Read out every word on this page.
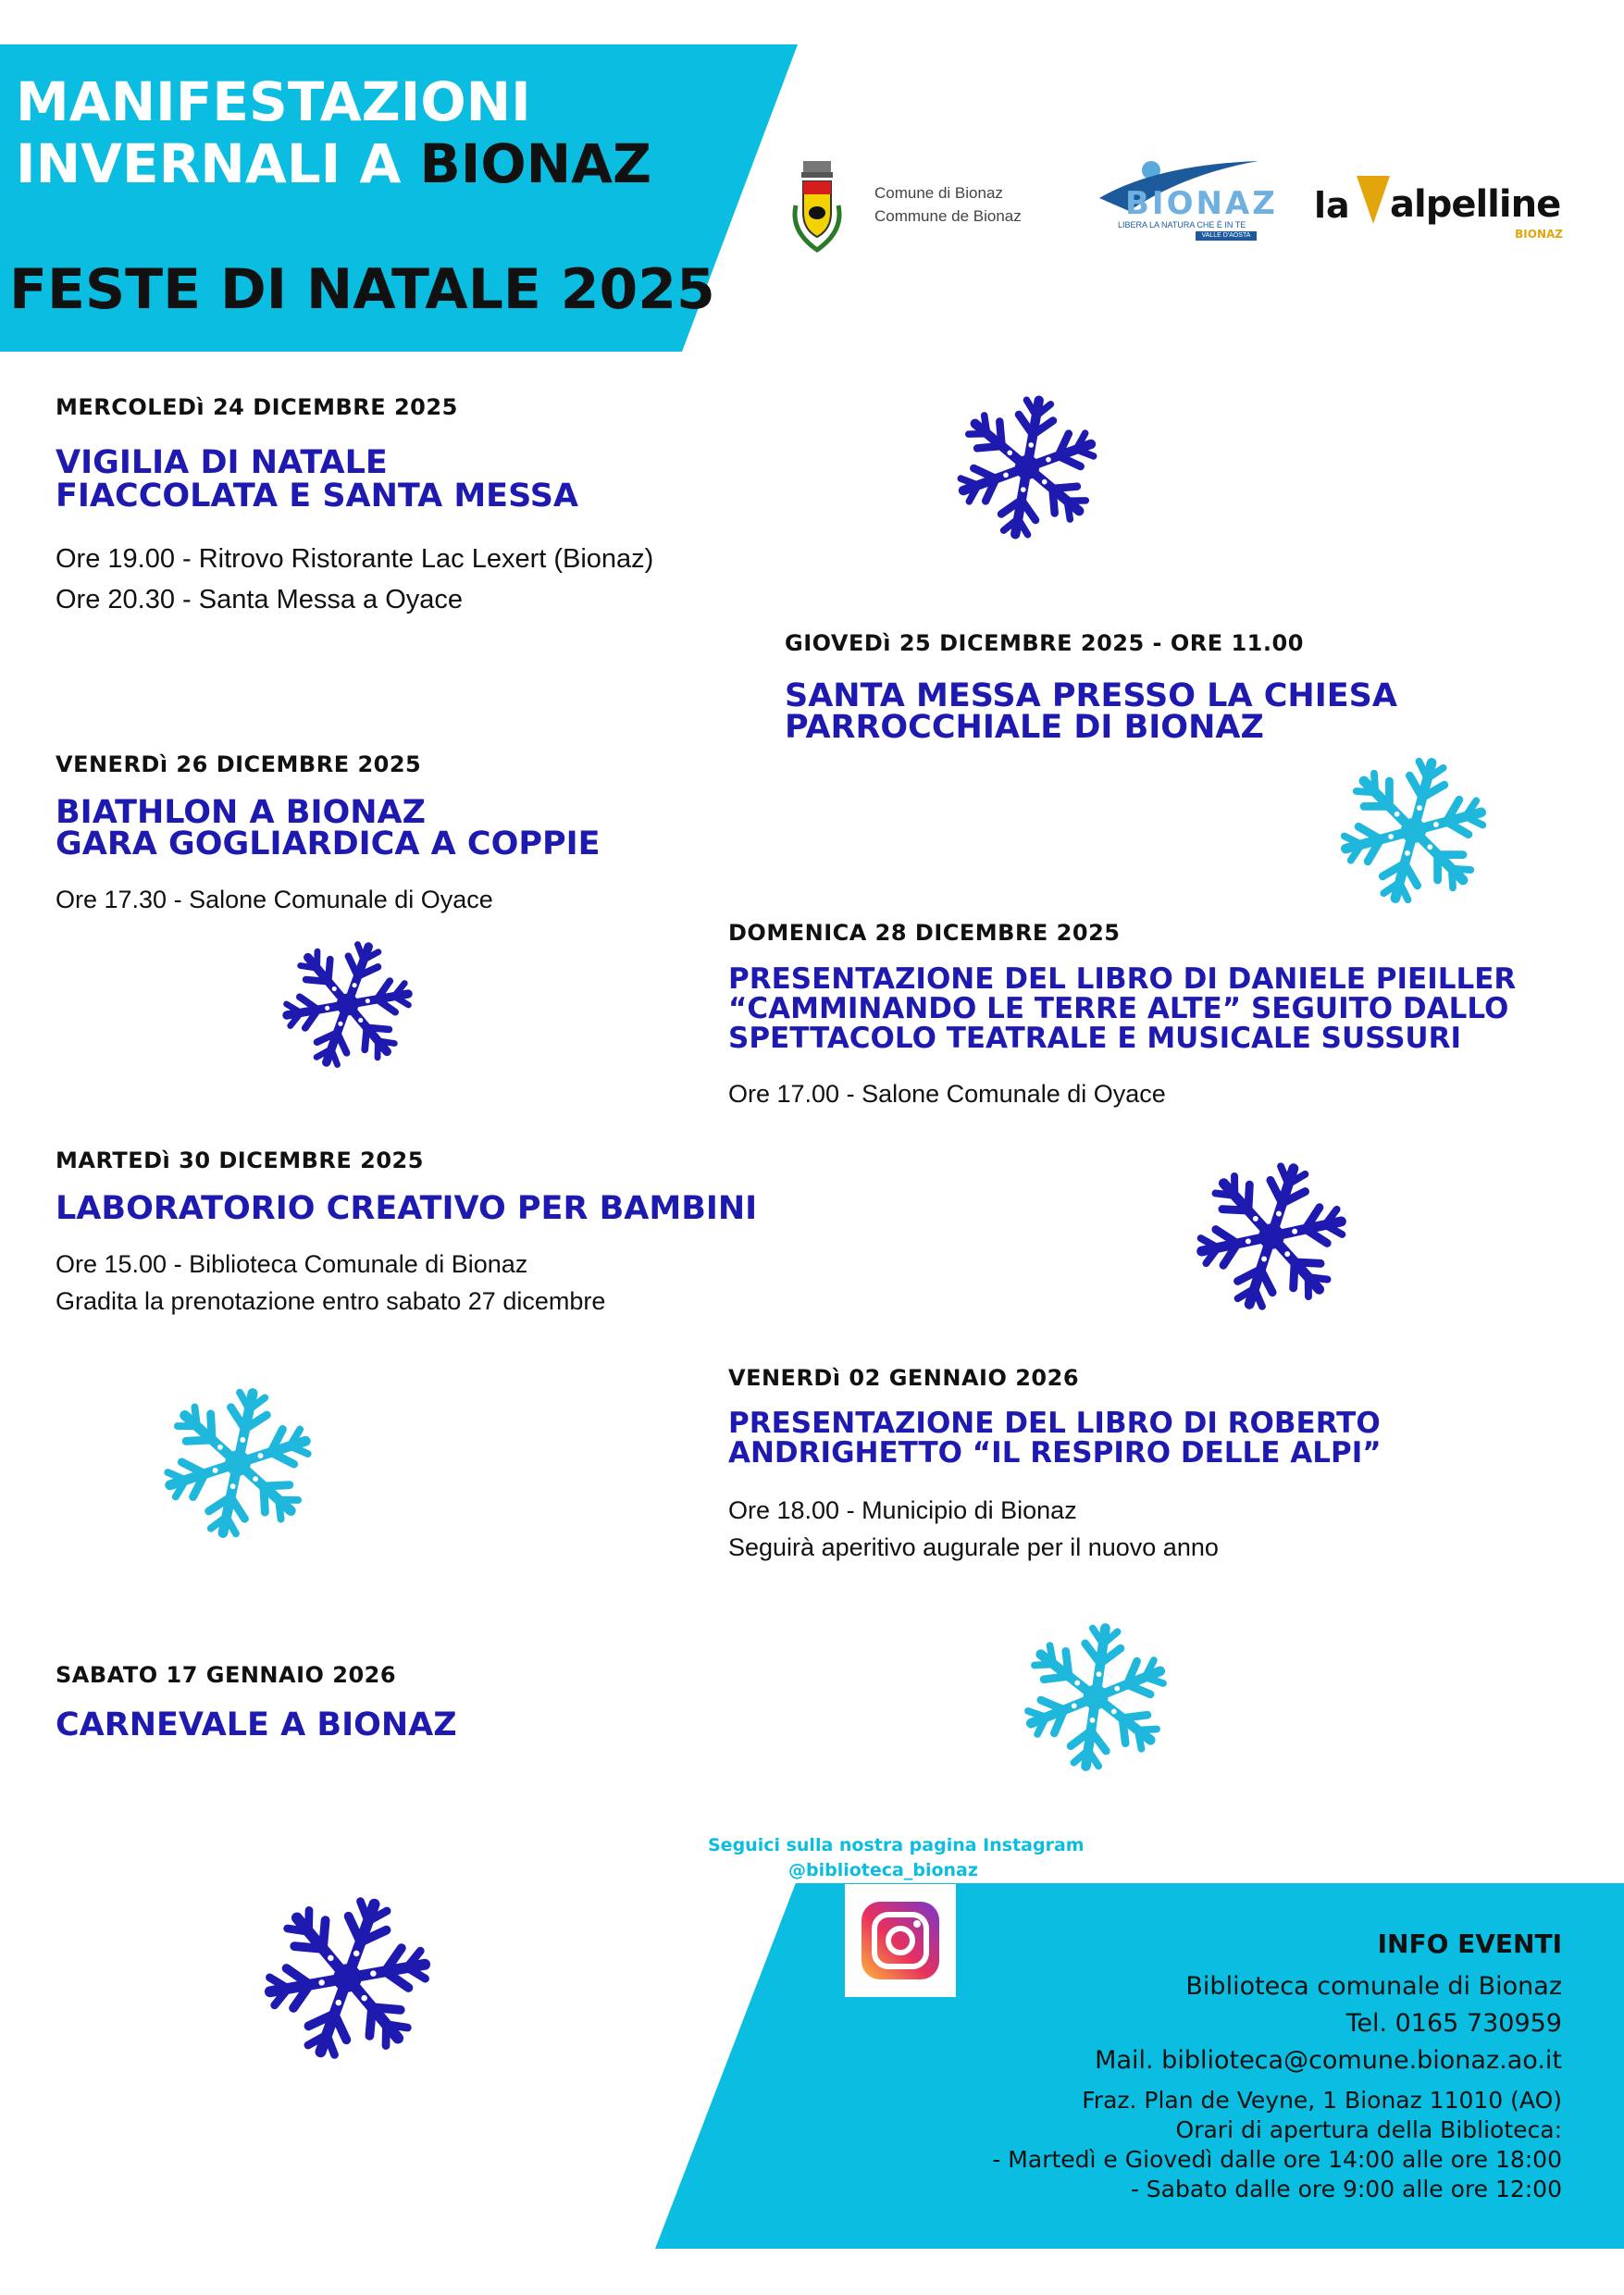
MANIFESTAZIONI
INVERNALI A BIONAZ
FESTE DI NATALE 2025
Comune di Bionaz
Commune de Bionaz	BIONAZ
LIBERA LA NATURA CHE È IN TE
VALLE D'AOSTA
la alpelline
BIONAZ
MERCOLEDì 24 DICEMBRE 2025
VIGILIA DI NATALE
FIACCOLATA E SANTA MESSA
Ore 19.00 - Ritrovo Ristorante Lac Lexert (Bionaz)
Ore 20.30 - Santa Messa a Oyace
GIOVEDì 25 DICEMBRE 2025 - ORE 11.00
SANTA MESSA PRESSO LA CHIESA
PARROCCHIALE DI BIONAZ
VENERDì 26 DICEMBRE 2025
BIATHLON A BIONAZ
GARA GOGLIARDICA A COPPIE
Ore 17.30 - Salone Comunale di Oyace
DOMENICA 28 DICEMBRE 2025
PRESENTAZIONE DEL LIBRO DI DANIELE PIEILLER
“CAMMINANDO LE TERRE ALTE” SEGUITO DALLO
SPETTACOLO TEATRALE E MUSICALE SUSSURI
Ore 17.00 - Salone Comunale di Oyace
MARTEDì 30 DICEMBRE 2025
LABORATORIO CREATIVO PER BAMBINI
Ore 15.00 - Biblioteca Comunale di Bionaz
Gradita la prenotazione entro sabato 27 dicembre
VENERDì 02 GENNAIO 2026
PRESENTAZIONE DEL LIBRO DI ROBERTO
ANDRIGHETTO “IL RESPIRO DELLE ALPI”
Ore 18.00 - Municipio di Bionaz
Seguirà aperitivo augurale per il nuovo anno
SABATO 17 GENNAIO 2026
CARNEVALE A BIONAZ
Seguici sulla nostra pagina Instagram
@biblioteca_bionaz
INFO EVENTI
Biblioteca comunale di Bionaz
Tel. 0165 730959
Mail. biblioteca@comune.bionaz.ao.it
Fraz. Plan de Veyne, 1 Bionaz 11010 (AO)
Orari di apertura della Biblioteca:
- Martedì e Giovedì dalle ore 14:00 alle ore 18:00
- Sabato dalle ore 9:00 alle ore 12:00
